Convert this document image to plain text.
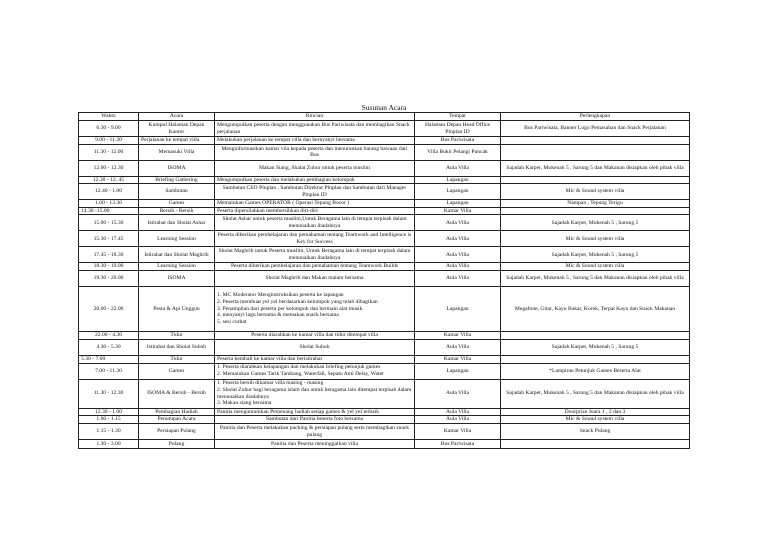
Susunan Acara
Waktu	Acara	Rincian	Tempat	Perlengkapan
6.30 - 9.00	Kumpul Halaman Depan Kantor	Mengumpulkan peserta dengan menggunakan Bus Pariwisata dan membagikan Snack perjalanan	Halaman Depan Head Office Plnplan ID	Bus Pariwisata, Banner Logo Pemasahan dan Snack Perjalanan
9.00 - 11.30	Perjalanan ke tempat villa	Melakukan perjalanan ke tempat villa dan bernyanyi bersama	Bus Pariwisata	
11.30 - 12.00	Memasuki Villa	Menginformasikan kamar vila kepada peserta dan menurunkan barang bawaan dari Bus	Villa Bukit Pelangi Puncak	
12.00 - 12.30	ISOMA	Makan Siang, Shalat Zuhur untuk peserta muslim	Aula Villa	Sajadah Karpet, Mukenah 5 , Sarung 5 dan Makanan disiapkan oleh pihak villa
12.30 - 12. 45	Briefing Gathering	Mengumpulkan peserta dan melakukan pembagian kelompok	Lapangan	
12.40 - 1.00	Sambutan	Sambutan CEO Plnplan , Sambutan Direktur Plnplan dan Sambutan dari Manager Plnplan ID	Lapangan	Mic & Sound system villa
1.00 - 13.30	Games	Memainkan Games OPERATOR ( Operasi Tepung Bocor )	Lapangan	Nampan , Tepung Terigu
14.30 -15.00	Bersih - Bersih	Peserta dipersilahkan membersihkan diri-diri	Kamar Villa	
15.00 - 15.30	Istirahat dan Sholat Ashar	Sholat Ashar untuk peserta muslim,Untuk Beragama lain di tempat terpisah dalam menunaikan ibadahnya	Aula Villa	Sajadah Karpet, Mukenah 5 , Sarung 5
15.30 - 17.45	Learning Session	Peserta diberikan pembelajaran dan pemahaman tentang Teamwork and Intelligence is Key for Success	Aula Villa	Mic & Sound system villa
17.45 - 18.30	Istirahat dan Sholat Maghrib	Sholat Maghrib untuk Peserta muslim, Untuk Beragama lain di tempat terpisah dalam menunaikan ibadahnya	Aula Villa	Sajadah Karpet, Mukenah 5 , Sarung 5
18.30 - 19.00	Learning Session	Peserta diberikan pembelajaran dan pemahaman tentang Teamwork Builds	Aula Villa	Mic & Sound system villa
19.30 - 20.00	ISOMA	Sholat Maghrib dan Makan malam bersama	Aula Villa	Sajadah Karpet, Mukenah 5 , Sarung 5 dan Makanan disiapkan oleh pihak villa
20.00 - 22.00	Pesta & Api Unggun	1. MC Moderator Menginstruksikan peserta ke lapangan
2. Peserta membuat yel yel berdasarkan kelompok yang telah dibagikan
3. Penampilan dari peserta per kelompok dan bermain alat musik
4. menyanyi lagu bersama & memakan snack bersama
5. sesi curhat	Lapangan	Megafone, Gitar, Kayu Bakar, Korek, Terpal Kayu dan Snack Makanan
22.00 - 4.30	Tidur	Peserta diarahkan ke kamar villa dan tidur ditempat villa	Kamar Villa	
4.30 - 5.30	Istirahat dan Sholat Subuh	Sholat Subuh	Aula Villa	Sajadah Karpet, Mukenah 5 , Sarung 5
5.30 - 7.00	Tidur	Peserta kembali ke kamar villa dan beristirahat	Kamar Villa	
7.00 - 11.30	Games	1. Peserta diarahkan kelapangan dan melakukan briefing petunjuk games
2. Memainkan Games Tarik Tambang, Waterfall, Sepatu Anti Delay, Water	Lapangan	*Lampiran Petunjuk Games Beserta Alat
11.30 - 12.30	ISOMA & Bersih - Bersih	1. Peserta bersih dikamar villa masing - masing
2. Sholat Zuhur bagi beragama islam dan untuk beragama lain ditempat terpisah dalam menunaikan ibadahnya
3. Makan siang bersama	Aula Villa	Sajadah Karpet, Mukenah 5 , Sarung 5 dan Makanan disiapkan oleh pihak villa
12.30 - 1.00	Pembagian Hadiah	Panitia mengumumkan Pemenang hadiah setiap games & yel yel terbaik	Aula Villa	Doorprize Juara 1 , 2 dan 3
1.00 - 1.15	Penutupan Acara	Sambutan dari Panitia beserta foto bersama	Aula Villa	Mic & Sound system villa
1.15 - 1.30	Persiapan Pulang	Panitia dan Peserta melakukan packing & persiapan pulang serta membagikan snack pulang	Kamar Villa	Snack Pulang
1.30 - 3.00	Pulang	Panitia dan Peserta meninggalkan villa	Bus Pariwisata	
